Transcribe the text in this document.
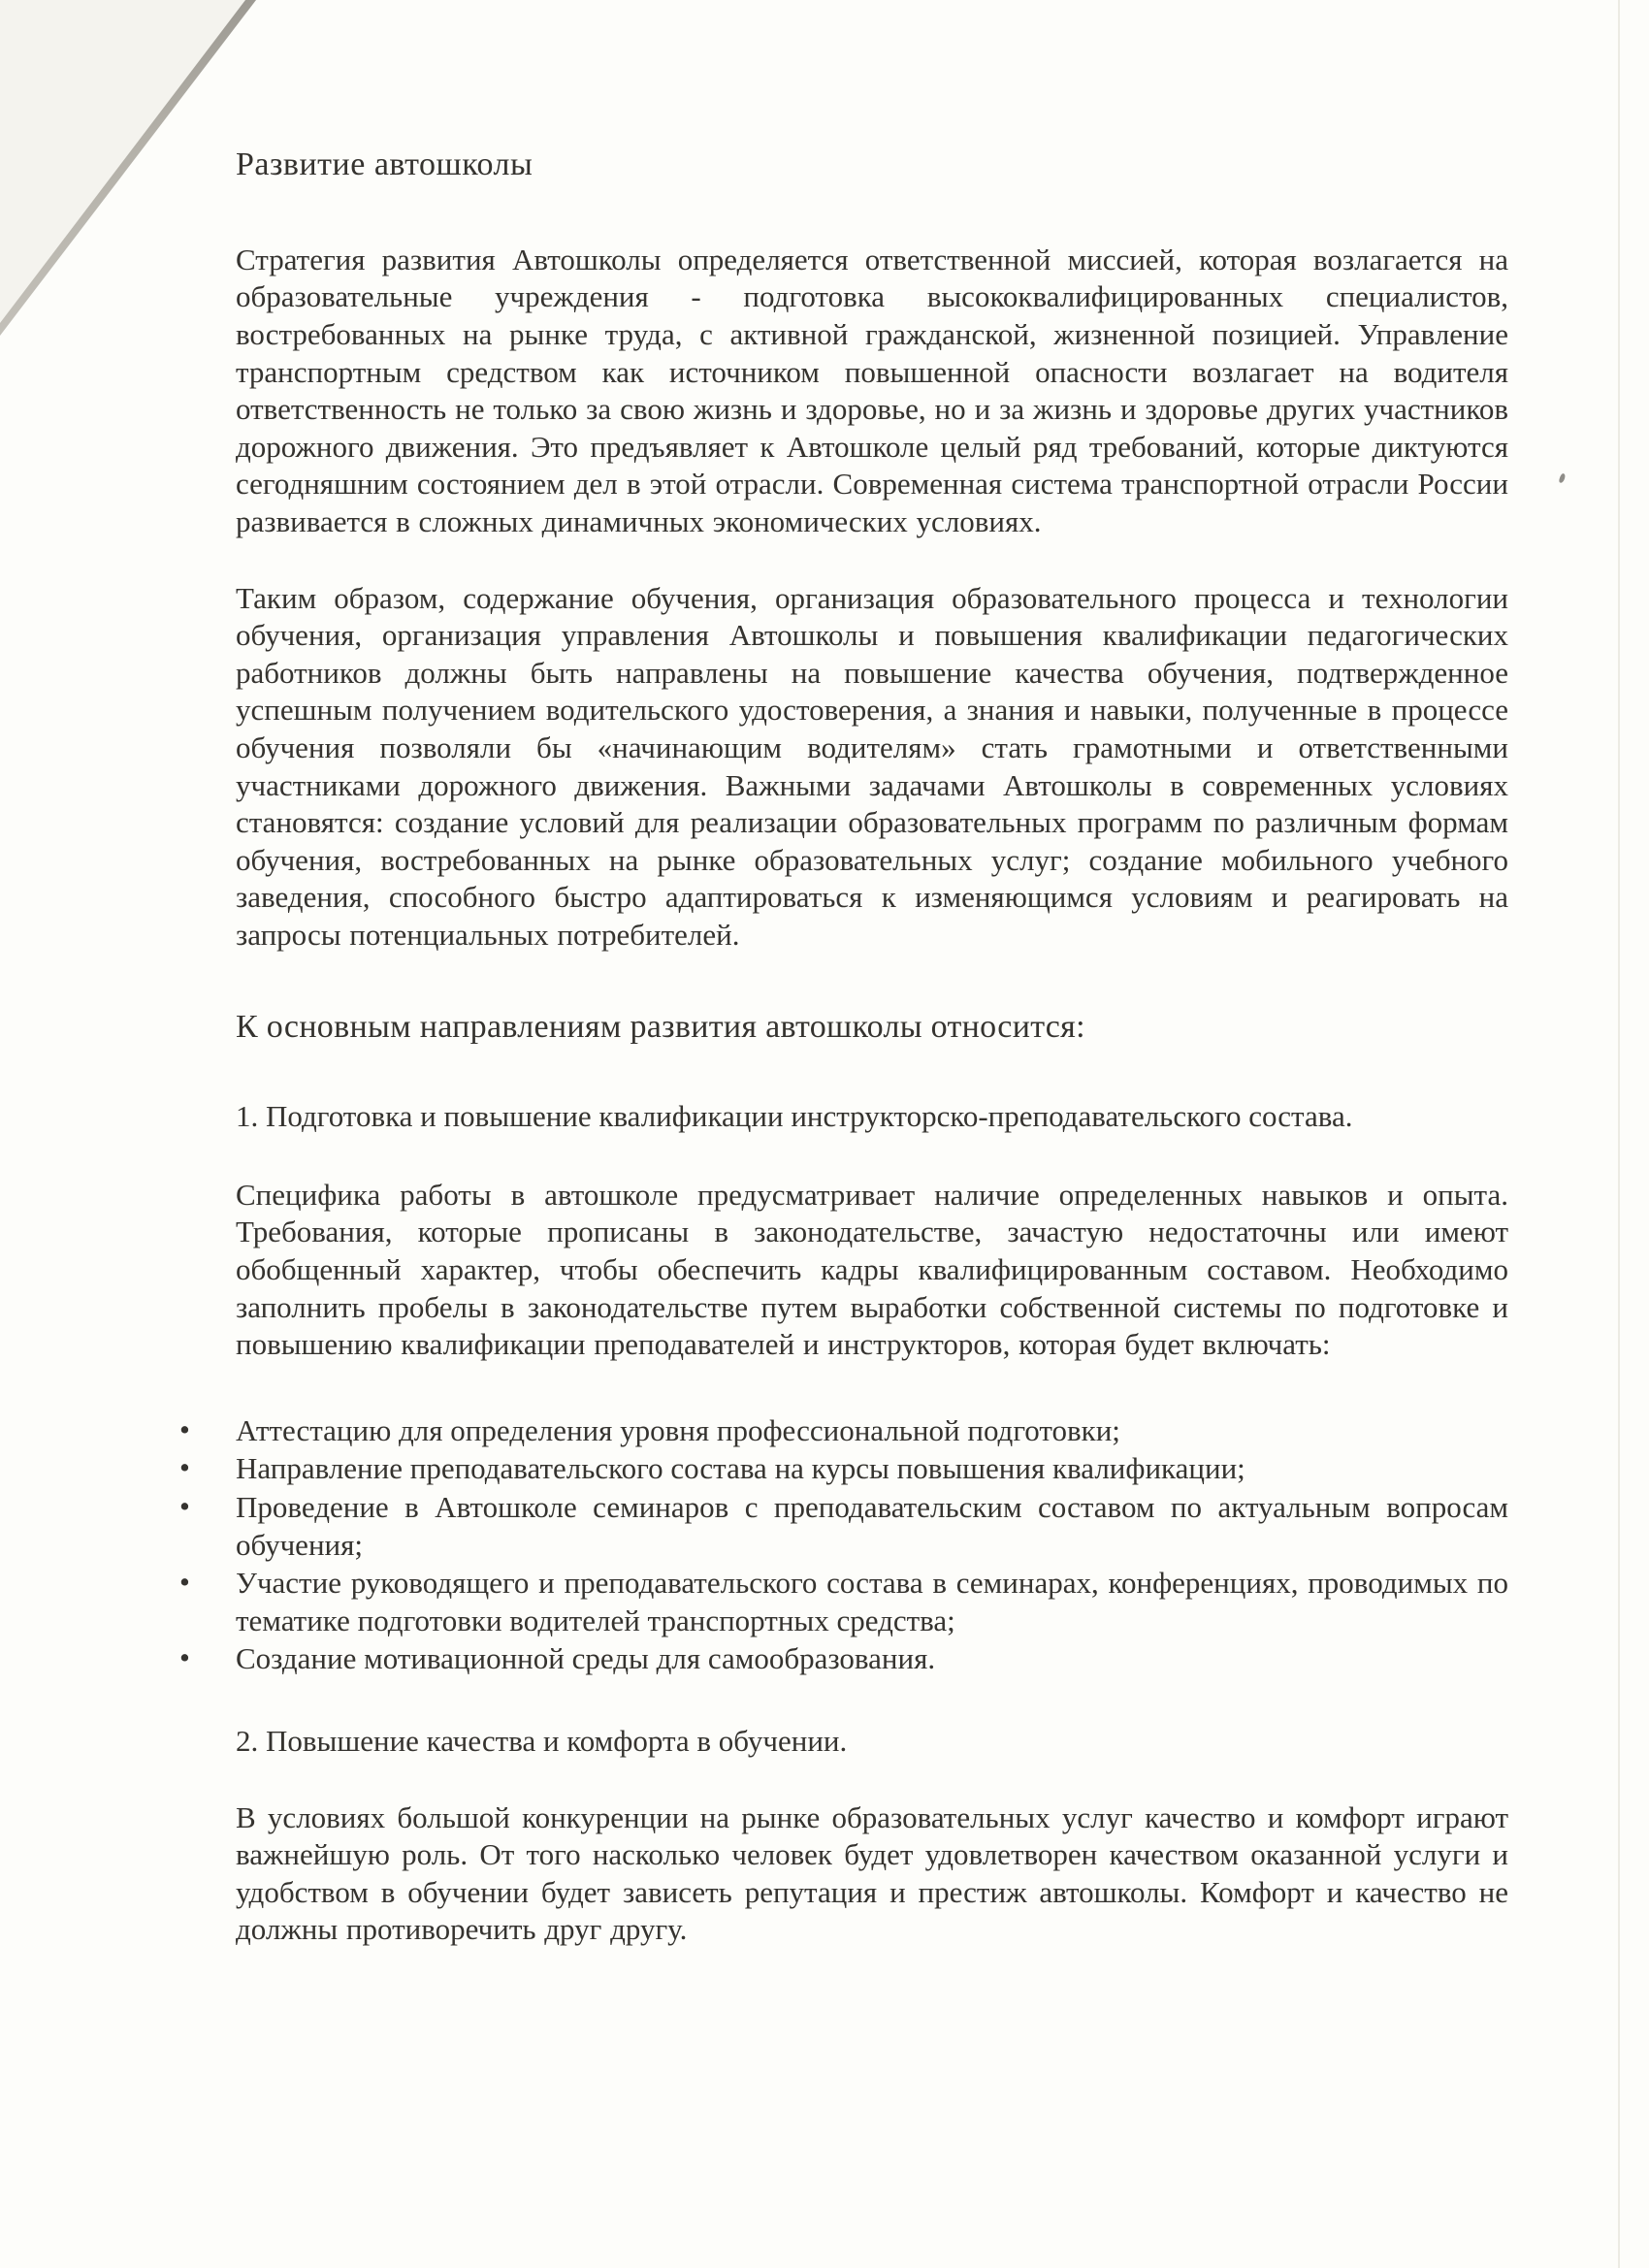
Развитие автошколы

Стратегия развития Автошколы определяется ответственной миссией, которая возлагается на образовательные учреждения - подготовка высококвалифицированных специалистов, востребованных на рынке труда, с активной гражданской, жизненной позицией. Управление транспортным средством как источником повышенной опасности возлагает на водителя ответственность не только за свою жизнь и здоровье, но и за жизнь и здоровье других участников дорожного движения. Это предъявляет к Автошколе целый ряд требований, которые диктуются сегодняшним состоянием дел в этой отрасли. Современная система транспортной отрасли России развивается в сложных динамичных экономических условиях.

Таким образом, содержание обучения, организация образовательного процесса и технологии обучения, организация управления Автошколы и повышения квалификации педагогических работников должны быть направлены на повышение качества обучения, подтвержденное успешным получением водительского удостоверения, а знания и навыки, полученные в процессе обучения позволяли бы «начинающим водителям» стать грамотными и ответственными участниками дорожного движения. Важными задачами Автошколы в современных условиях становятся: создание условий для реализации образовательных программ по различным формам обучения, востребованных на рынке образовательных услуг; создание мобильного учебного заведения, способного быстро адаптироваться к изменяющимся условиям и реагировать на запросы потенциальных потребителей.

К основным направлениям развития автошколы относится:

1. Подготовка и повышение квалификации инструкторско-преподавательского состава.

Специфика работы в автошколе предусматривает наличие определенных навыков и опыта. Требования, которые прописаны в законодательстве, зачастую недостаточны или имеют обобщенный характер, чтобы обеспечить кадры квалифицированным составом. Необходимо заполнить пробелы в законодательстве путем выработки собственной системы по подготовке и повышению квалификации преподавателей и инструкторов, которая будет включать:

• Аттестацию для определения уровня профессиональной подготовки;
• Направление преподавательского состава на курсы повышения квалификации;
• Проведение в Автошколе семинаров с преподавательским составом по актуальным вопросам обучения;
• Участие руководящего и преподавательского состава в семинарах, конференциях, проводимых по тематике подготовки водителей транспортных средства;
• Создание мотивационной среды для самообразования.

2. Повышение качества и комфорта в обучении.

В условиях большой конкуренции на рынке образовательных услуг качество и комфорт играют важнейшую роль. От того насколько человек будет удовлетворен качеством оказанной услуги и удобством в обучении будет зависеть репутация и престиж автошколы. Комфорт и качество не должны противоречить друг другу.
